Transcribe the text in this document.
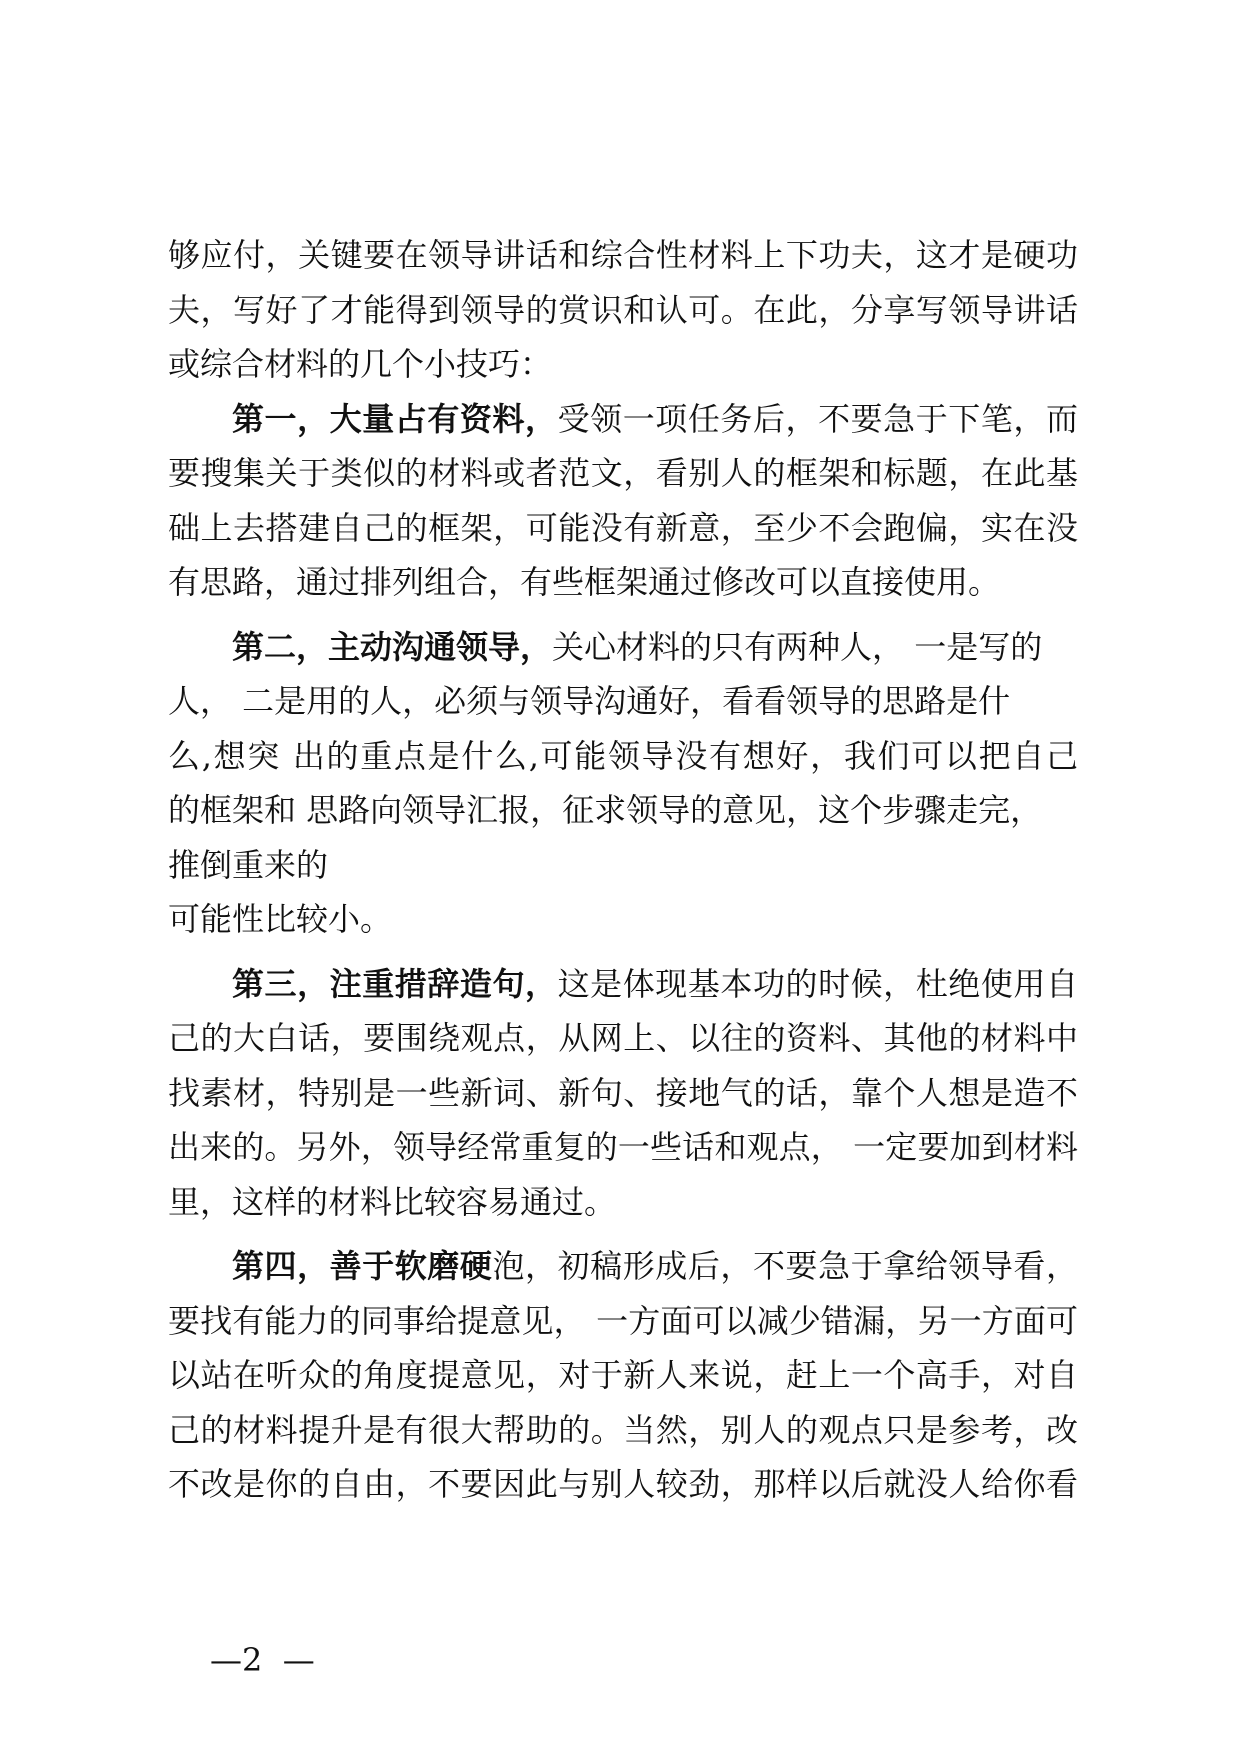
够应付，关键要在领导讲话和综合性材料上下功夫，这才是硬功
夫，写好了才能得到领导的赏识和认可。在此，分享写领导讲话
或综合材料的几个小技巧：
第一，大量占有资料，受领一项任务后，不要急于下笔，而
要搜集关于类似的材料或者范文，看别人的框架和标题，在此基
础上去搭建自己的框架，可能没有新意，至少不会跑偏，实在没
有思路，通过排列组合，有些框架通过修改可以直接使用。
第二，主动沟通领导，关心材料的只有两种人， 一是写的
人， 二是用的人，必须与领导沟通好，看看领导的思路是什
么,想突 出的重点是什么,可能领导没有想好，我们可以把自己
的框架和 思路向领导汇报，征求领导的意见，这个步骤走完，
推倒重来的
可能性比较小。
第三，注重措辞造句，这是体现基本功的时候，杜绝使用自
己的大白话，要围绕观点，从网上、以往的资料、其他的材料中
找素材，特别是一些新词、新句、接地气的话，靠个人想是造不
出来的。另外，领导经常重复的一些话和观点， 一定要加到材料
里，这样的材料比较容易通过。
第四，善于软磨硬泡，初稿形成后，不要急于拿给领导看，
要找有能力的同事给提意见， 一方面可以减少错漏，另一方面可
以站在听众的角度提意见，对于新人来说，赶上一个高手，对自
己的材料提升是有很大帮助的。当然，别人的观点只是参考，改
不改是你的自由，不要因此与别人较劲，那样以后就没人给你看
—2  —
